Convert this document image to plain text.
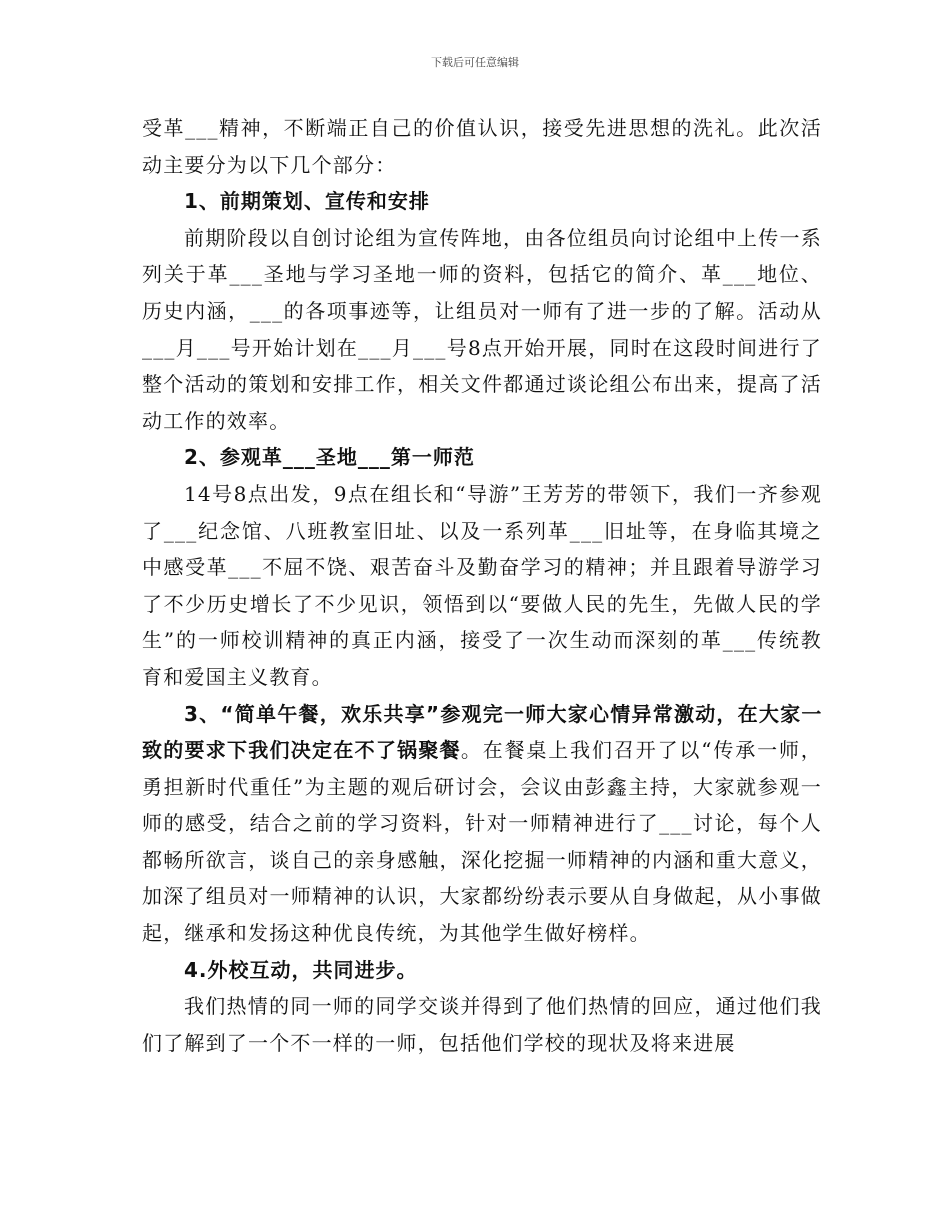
下载后可任意编辑

受革___精神，不断端正自己的价值认识，接受先进思想的洗礼。此次活动主要分为以下几个部分：

1、前期策划、宣传和安排

前期阶段以自创讨论组为宣传阵地，由各位组员向讨论组中上传一系列关于革___圣地与学习圣地一师的资料，包括它的简介、革___地位、历史内涵，___的各项事迹等，让组员对一师有了进一步的了解。活动从___月___号开始计划在___月___号8点开始开展，同时在这段时间进行了整个活动的策划和安排工作，相关文件都通过谈论组公布出来，提高了活动工作的效率。

2、参观革___圣地___第一师范

14号8点出发，9点在组长和“导游”王芳芳的带领下，我们一齐参观了___纪念馆、八班教室旧址、以及一系列革___旧址等，在身临其境之中感受革___不屈不饶、艰苦奋斗及勤奋学习的精神；并且跟着导游学习了不少历史增长了不少见识，领悟到以“要做人民的先生，先做人民的学生”的一师校训精神的真正内涵，接受了一次生动而深刻的革___传统教育和爱国主义教育。

3、“简单午餐，欢乐共享”参观完一师大家心情异常激动，在大家一致的要求下我们决定在不了锅聚餐。在餐桌上我们召开了以“传承一师，勇担新时代重任”为主题的观后研讨会，会议由彭鑫主持，大家就参观一师的感受，结合之前的学习资料，针对一师精神进行了___讨论，每个人都畅所欲言，谈自己的亲身感触，深化挖掘一师精神的内涵和重大意义，加深了组员对一师精神的认识，大家都纷纷表示要从自身做起，从小事做起，继承和发扬这种优良传统，为其他学生做好榜样。

4.外校互动，共同进步。

我们热情的同一师的同学交谈并得到了他们热情的回应，通过他们我们了解到了一个不一样的一师，包括他们学校的现状及将来进展
